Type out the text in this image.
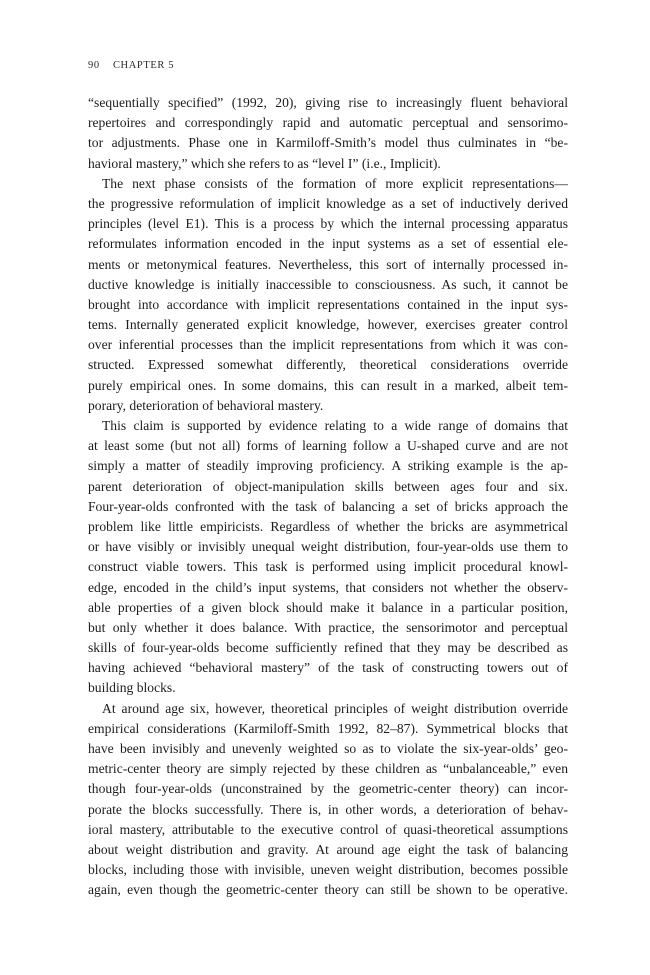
90 CHAPTER 5
“sequentially specified” (1992, 20), giving rise to increasingly fluent behavioral
repertoires and correspondingly rapid and automatic perceptual and sensorimo-
tor adjustments. Phase one in Karmiloff-Smith’s model thus culminates in “be-
havioral mastery,” which she refers to as “level I” (i.e., Implicit).
The next phase consists of the formation of more explicit representations—
the progressive reformulation of implicit knowledge as a set of inductively derived
principles (level E1). This is a process by which the internal processing apparatus
reformulates information encoded in the input systems as a set of essential ele-
ments or metonymical features. Nevertheless, this sort of internally processed in-
ductive knowledge is initially inaccessible to consciousness. As such, it cannot be
brought into accordance with implicit representations contained in the input sys-
tems. Internally generated explicit knowledge, however, exercises greater control
over inferential processes than the implicit representations from which it was con-
structed. Expressed somewhat differently, theoretical considerations override
purely empirical ones. In some domains, this can result in a marked, albeit tem-
porary, deterioration of behavioral mastery.
This claim is supported by evidence relating to a wide range of domains that
at least some (but not all) forms of learning follow a U-shaped curve and are not
simply a matter of steadily improving proficiency. A striking example is the ap-
parent deterioration of object-manipulation skills between ages four and six.
Four-year-olds confronted with the task of balancing a set of bricks approach the
problem like little empiricists. Regardless of whether the bricks are asymmetrical
or have visibly or invisibly unequal weight distribution, four-year-olds use them to
construct viable towers. This task is performed using implicit procedural knowl-
edge, encoded in the child’s input systems, that considers not whether the observ-
able properties of a given block should make it balance in a particular position,
but only whether it does balance. With practice, the sensorimotor and perceptual
skills of four-year-olds become sufficiently refined that they may be described as
having achieved “behavioral mastery” of the task of constructing towers out of
building blocks.
At around age six, however, theoretical principles of weight distribution override
empirical considerations (Karmiloff-Smith 1992, 82–87). Symmetrical blocks that
have been invisibly and unevenly weighted so as to violate the six-year-olds’ geo-
metric-center theory are simply rejected by these children as “unbalanceable,” even
though four-year-olds (unconstrained by the geometric-center theory) can incor-
porate the blocks successfully. There is, in other words, a deterioration of behav-
ioral mastery, attributable to the executive control of quasi-theoretical assumptions
about weight distribution and gravity. At around age eight the task of balancing
blocks, including those with invisible, uneven weight distribution, becomes possible
again, even though the geometric-center theory can still be shown to be operative.
